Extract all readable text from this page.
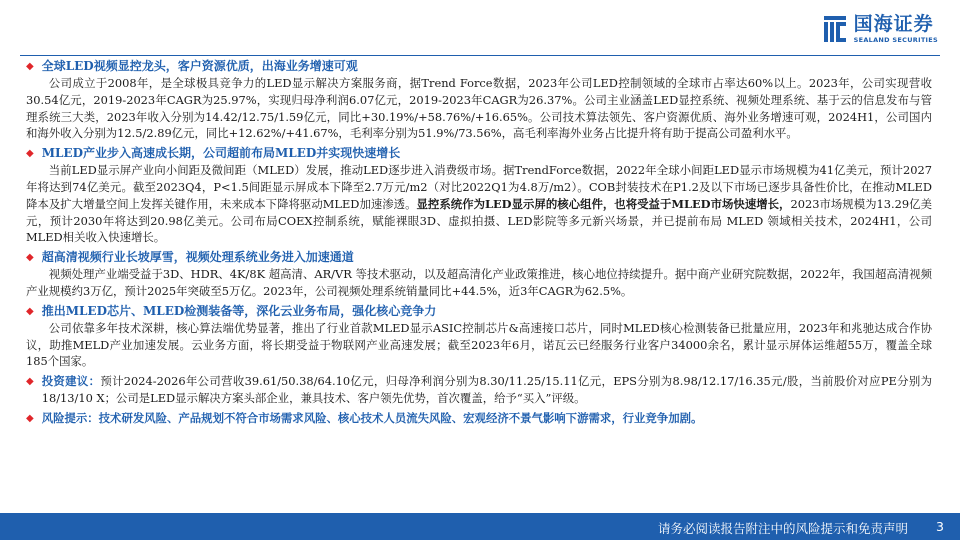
国海证券
SEALAND SECURITIES
◆ 全球LED视频显控龙头，客户资源优质，出海业务增速可观
公司成立于2008年，是全球极具竞争力的LED显示解决方案服务商，据Trend Force数据，2023年公司LED控制领域的全球市占率达60%以上。2023年，公司实现营收30.54亿元，2019-2023年CAGR为25.97%，实现归母净利润6.07亿元，2019-2023年CAGR为26.37%。公司主业涵盖LED显控系统、视频处理系统、基于云的信息发布与管理系统三大类，2023年收入分别为14.42/12.75/1.59亿元，同比+30.19%/+58.76%/+16.65%。公司技术算法领先、客户资源优质、海外业务增速可观，2024H1，公司国内和海外收入分别为12.5/2.89亿元，同比+12.62%/+41.67%，毛利率分别为51.9%/73.56%，高毛利率海外业务占比提升将有助于提高公司盈利水平。
◆ MLED产业步入高速成长期，公司超前布局MLED并实现快速增长
当前LED显示屏产业向小间距及微间距（MLED）发展，推动LED逐步进入消费级市场。据TrendForce数据，2022年全球小间距LED显示市场规模为41亿美元，预计2027年将达到74亿美元。截至2023Q4，P<1.5间距显示屏成本下降至2.7万元/m2（对比2022Q1为4.8万/m2）。COB封装技术在P1.2及以下市场已逐步具备性价比，在推动MLED降本及扩大增量空间上发挥关键作用，未来成本下降将驱动MLED加速渗透。显控系统作为LED显示屏的核心组件，也将受益于MLED市场快速增长，2023市场规模为13.29亿美元，预计2030年将达到20.98亿美元。公司布局COEX控制系统，赋能裸眼3D、虚拟拍摄、LED影院等多元新兴场景，并已提前布局 MLED 领域相关技术，2024H1，公司MLED相关收入快速增长。
◆ 超高清视频行业长坡厚雪，视频处理系统业务进入加速通道
视频处理产业端受益于3D、HDR、4K/8K 超高清、AR/VR 等技术驱动，以及超高清化产业政策推进，核心地位持续提升。据中商产业研究院数据，2022年，我国超高清视频产业规模约3万亿，预计2025年突破至5万亿。2023年，公司视频处理系统销量同比+44.5%，近3年CAGR为62.5%。
◆ 推出MLED芯片、MLED检测装备等，深化云业务布局，强化核心竞争力
公司依靠多年技术深耕，核心算法端优势显著，推出了行业首款MLED显示ASIC控制芯片&高速接口芯片，同时MLED核心检测装备已批量应用，2023年和兆驰达成合作协议，助推MELD产业加速发展。云业务方面，将长期受益于物联网产业高速发展；截至2023年6月，诺瓦云已经服务行业客户34000余名，累计显示屏体运维超55万，覆盖全球185个国家。
◆ 投资建议：预计2024-2026年公司营收39.61/50.38/64.10亿元，归母净利润分别为8.30/11.25/15.11亿元，EPS分别为8.98/12.17/16.35元/股，当前股价对应PE分别为18/13/10 X；公司是LED显示解决方案头部企业，兼具技术、客户领先优势，首次覆盖，给予“买入”评级。
◆ 风险提示：技术研发风险、产品规划不符合市场需求风险、核心技术人员流失风险、宏观经济不景气影响下游需求，行业竞争加剧。
请务必阅读报告附注中的风险提示和免责声明 3
